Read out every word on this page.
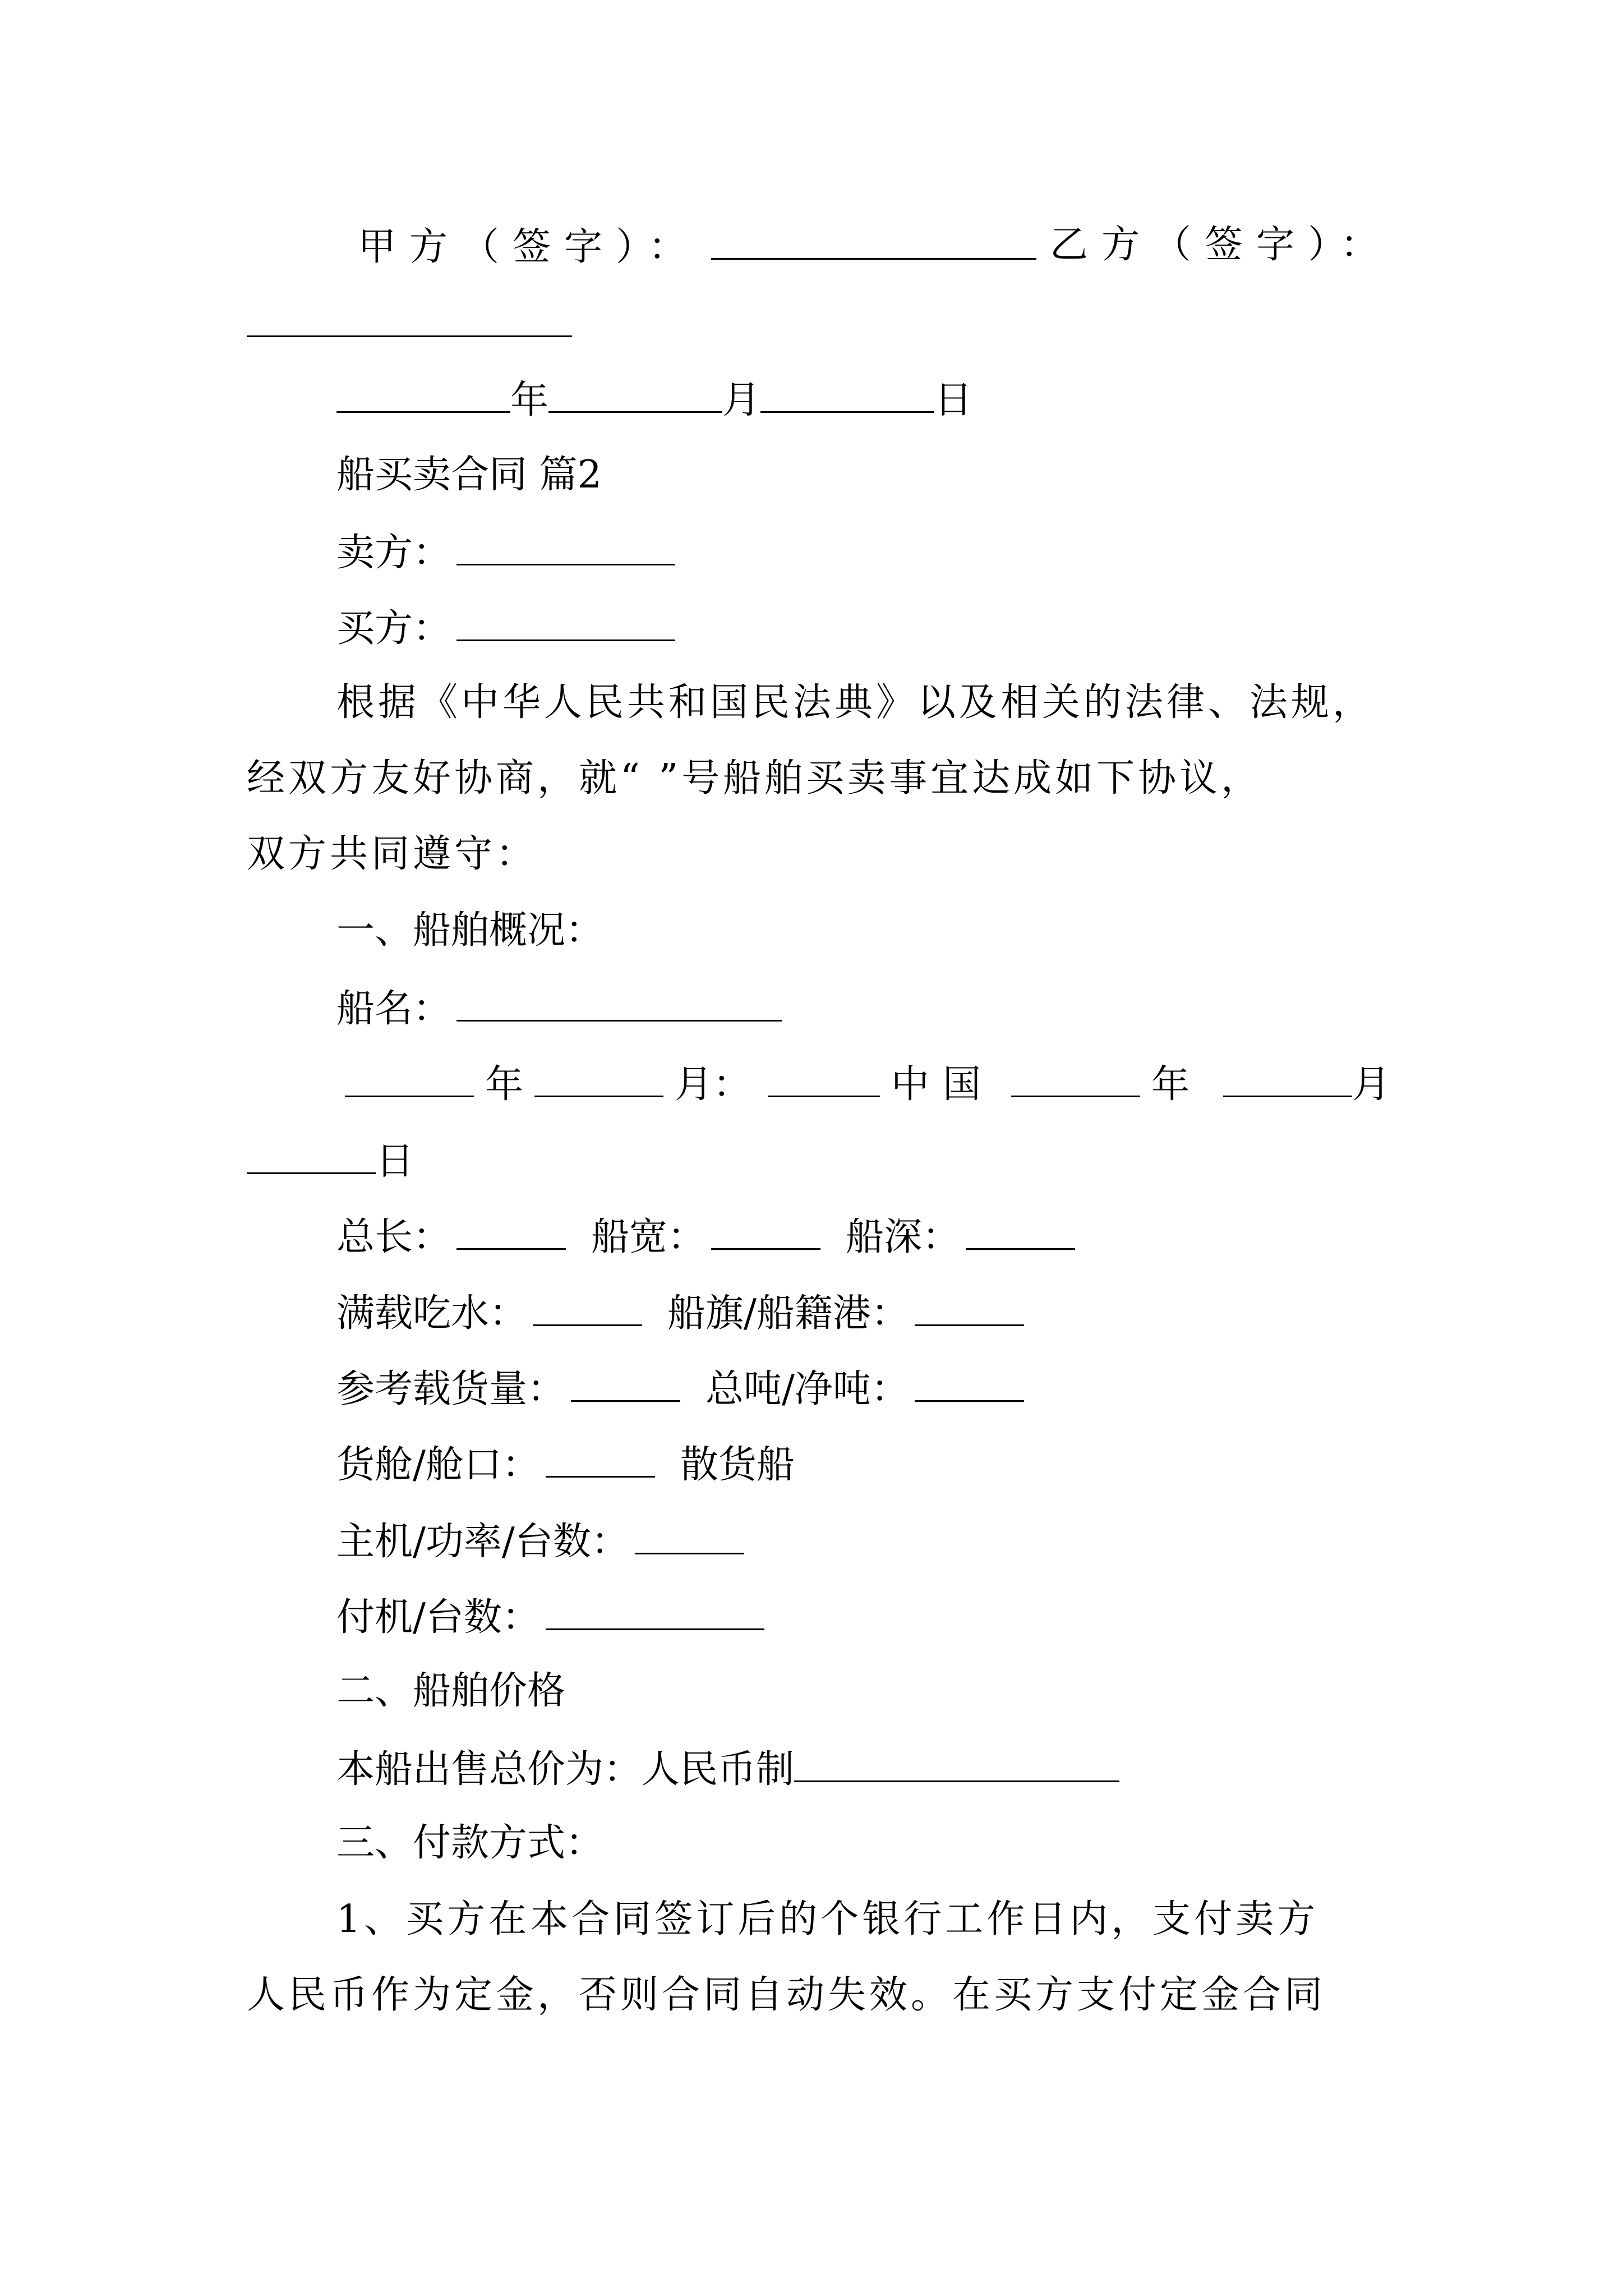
甲方（签字）：	乙方（签字）：
年	月	日
船买卖合同 篇2
卖方：
买方：
根据《中华人民共和国民法典》以及相关的法律、法规，
经双方友好协商，就“ ”号船舶买卖事宜达成如下协议，
双方共同遵守：
一、船舶概况：
船名：
年	月：	中国	年	月
日
总长：	船宽：	船深：
满载吃水：	船旗/船籍港：
参考载货量：	总吨/净吨：
货舱/舱口：	散货船
主机/功率/台数：
付机/台数：
二、船舶价格
本船出售总价为：人民币制
三、付款方式：
1、买方在本合同签订后的个银行工作日内，支付卖方
人民币作为定金，否则合同自动失效。在买方支付定金合同
